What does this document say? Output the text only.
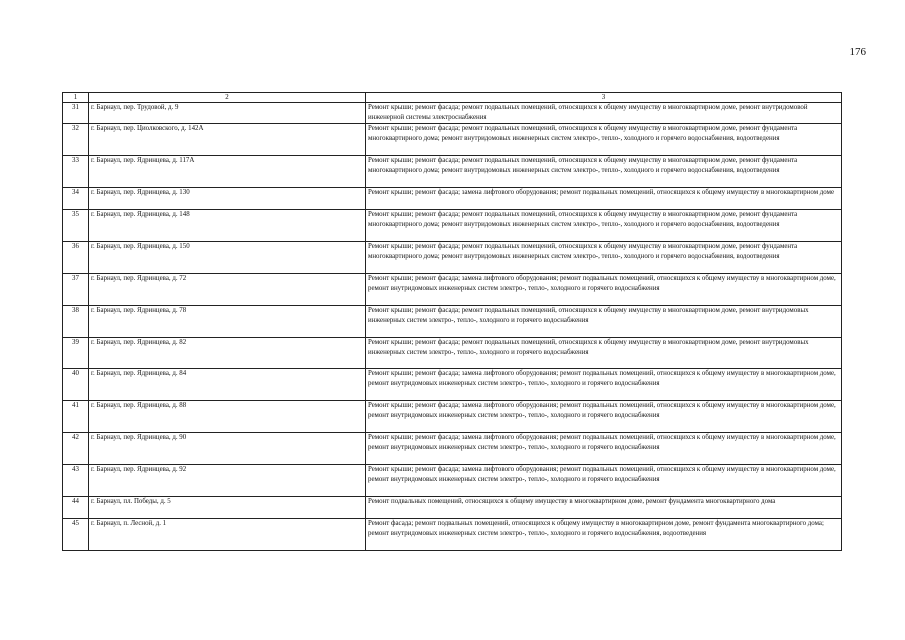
176
1	2	3
31	г. Барнаул, пер. Трудовой, д. 9	Ремонт крыши; ремонт фасада; ремонт подвальных помещений, относящихся к общему имуществу в многоквартирном доме, ремонт внутридомовой инженерной системы электроснабжения
32	г. Барнаул, пер. Циолковского, д. 142А	Ремонт крыши; ремонт фасада; ремонт подвальных помещений, относящихся к общему имуществу в многоквартирном доме, ремонт фундамента многоквартирного дома; ремонт внутридомовых инженерных систем электро-, тепло-, холодного и горячего водоснабжения, водоотведения
33	г. Барнаул, пер. Ядринцева, д. 117А	Ремонт крыши; ремонт фасада; ремонт подвальных помещений, относящихся к общему имуществу в многоквартирном доме, ремонт фундамента многоквартирного дома; ремонт внутридомовых инженерных систем электро-, тепло-, холодного и горячего водоснабжения, водоотведения
34	г. Барнаул, пер. Ядринцева, д. 130	Ремонт крыши; ремонт фасада; замена лифтового оборудования; ремонт подвальных помещений, относящихся к общему имуществу в многоквартирном доме
35	г. Барнаул, пер. Ядринцева, д. 148	Ремонт крыши; ремонт фасада; ремонт подвальных помещений, относящихся к общему имуществу в многоквартирном доме, ремонт фундамента многоквартирного дома; ремонт внутридомовых инженерных систем электро-, тепло-, холодного и горячего водоснабжения, водоотведения
36	г. Барнаул, пер. Ядринцева, д. 150	Ремонт крыши; ремонт фасада; ремонт подвальных помещений, относящихся к общему имуществу в многоквартирном доме, ремонт фундамента многоквартирного дома; ремонт внутридомовых инженерных систем электро-, тепло-, холодного и горячего водоснабжения, водоотведения
37	г. Барнаул, пер. Ядринцева, д. 72	Ремонт крыши; ремонт фасада; замена лифтового оборудования; ремонт подвальных помещений, относящихся к общему имуществу в многоквартирном доме, ремонт внутридомовых инженерных систем электро-, тепло-, холодного и горячего водоснабжения
38	г. Барнаул, пер. Ядринцева, д. 78	Ремонт крыши; ремонт фасада; ремонт подвальных помещений, относящихся к общему имуществу в многоквартирном доме, ремонт внутридомовых инженерных систем электро-, тепло-, холодного и горячего водоснабжения
39	г. Барнаул, пер. Ядринцева, д. 82	Ремонт крыши; ремонт фасада; ремонт подвальных помещений, относящихся к общему имуществу в многоквартирном доме, ремонт внутридомовых инженерных систем электро-, тепло-, холодного и горячего водоснабжения
40	г. Барнаул, пер. Ядринцева, д. 84	Ремонт крыши; ремонт фасада; замена лифтового оборудования; ремонт подвальных помещений, относящихся к общему имуществу в многоквартирном доме, ремонт внутридомовых инженерных систем электро-, тепло-, холодного и горячего водоснабжения
41	г. Барнаул, пер. Ядринцева, д. 88	Ремонт крыши; ремонт фасада; замена лифтового оборудования; ремонт подвальных помещений, относящихся к общему имуществу в многоквартирном доме, ремонт внутридомовых инженерных систем электро-, тепло-, холодного и горячего водоснабжения
42	г. Барнаул, пер. Ядринцева, д. 90	Ремонт крыши; ремонт фасада; замена лифтового оборудования; ремонт подвальных помещений, относящихся к общему имуществу в многоквартирном доме, ремонт внутридомовых инженерных систем электро-, тепло-, холодного и горячего водоснабжения
43	г. Барнаул, пер. Ядринцева, д. 92	Ремонт крыши; ремонт фасада; замена лифтового оборудования; ремонт подвальных помещений, относящихся к общему имуществу в многоквартирном доме, ремонт внутридомовых инженерных систем электро-, тепло-, холодного и горячего водоснабжения
44	г. Барнаул, пл. Победы, д. 5	Ремонт подвальных помещений, относящихся к общему имуществу в многоквартирном доме, ремонт фундамента многоквартирного дома
45	г. Барнаул, п. Лесной, д. 1	Ремонт фасада; ремонт подвальных помещений, относящихся к общему имуществу в многоквартирном доме, ремонт фундамента многоквартирного дома; ремонт внутридомовых инженерных систем электро-, тепло-, холодного и горячего водоснабжения, водоотведения
